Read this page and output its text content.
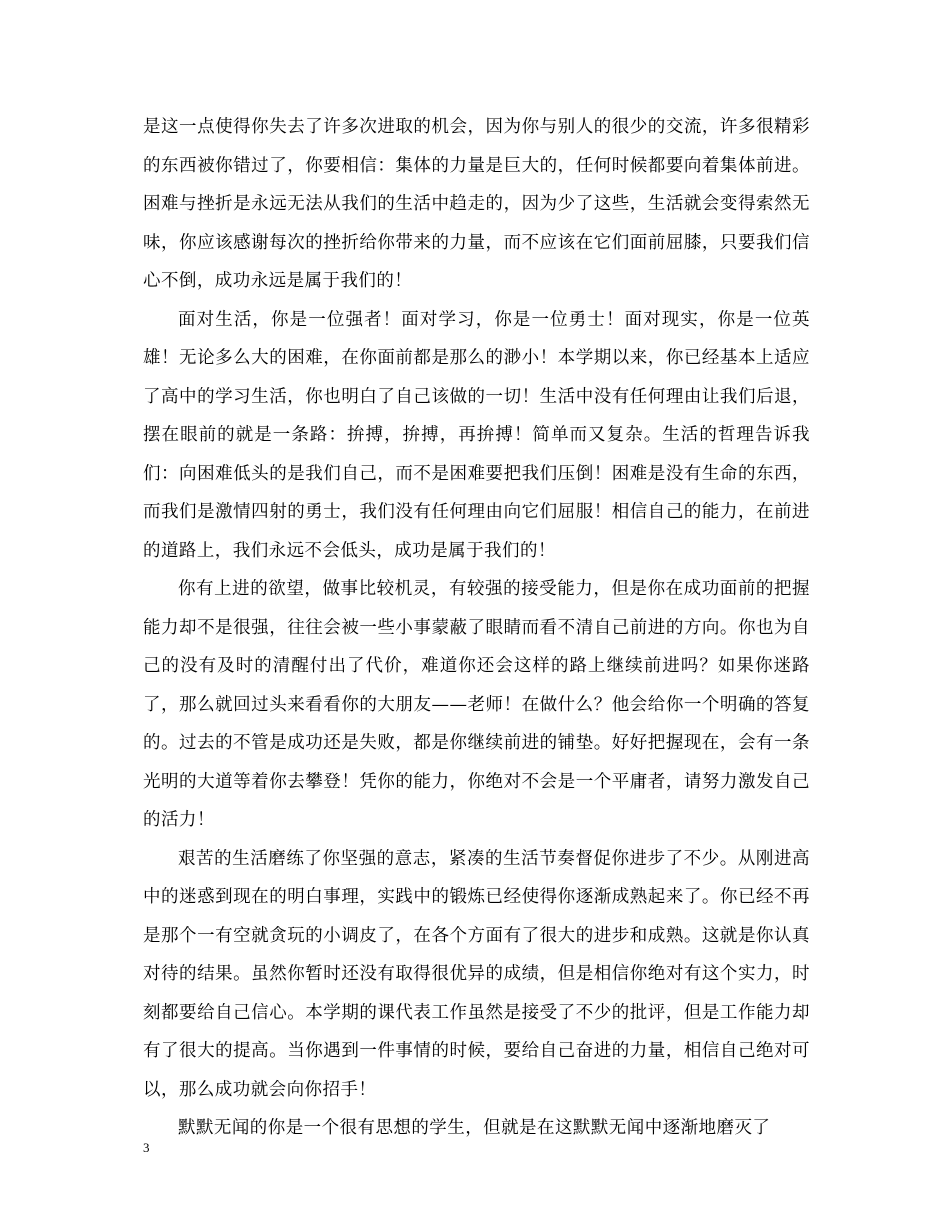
是这一点使得你失去了许多次进取的机会，因为你与别人的很少的交流，许多很精彩的东西被你错过了，你要相信：集体的力量是巨大的，任何时候都要向着集体前进。困难与挫折是永远无法从我们的生活中趋走的，因为少了这些，生活就会变得索然无味，你应该感谢每次的挫折给你带来的力量，而不应该在它们面前屈膝，只要我们信心不倒，成功永远是属于我们的！

面对生活，你是一位强者！面对学习，你是一位勇士！面对现实，你是一位英雄！无论多么大的困难，在你面前都是那么的渺小！本学期以来，你已经基本上适应了高中的学习生活，你也明白了自己该做的一切！生活中没有任何理由让我们后退，摆在眼前的就是一条路：拚搏，拚搏，再拚搏！简单而又复杂。生活的哲理告诉我们：向困难低头的是我们自己，而不是困难要把我们压倒！困难是没有生命的东西，而我们是激情四射的勇士，我们没有任何理由向它们屈服！相信自己的能力，在前进的道路上，我们永远不会低头，成功是属于我们的！

你有上进的欲望，做事比较机灵，有较强的接受能力，但是你在成功面前的把握能力却不是很强，往往会被一些小事蒙蔽了眼睛而看不清自己前进的方向。你也为自己的没有及时的清醒付出了代价，难道你还会这样的路上继续前进吗？如果你迷路了，那么就回过头来看看你的大朋友——老师！在做什么？他会给你一个明确的答复的。过去的不管是成功还是失败，都是你继续前进的铺垫。好好把握现在，会有一条光明的大道等着你去攀登！凭你的能力，你绝对不会是一个平庸者，请努力激发自己的活力！

艰苦的生活磨练了你坚强的意志，紧凑的生活节奏督促你进步了不少。从刚进高中的迷惑到现在的明白事理，实践中的锻炼已经使得你逐渐成熟起来了。你已经不再是那个一有空就贪玩的小调皮了，在各个方面有了很大的进步和成熟。这就是你认真对待的结果。虽然你暂时还没有取得很优异的成绩，但是相信你绝对有这个实力，时刻都要给自己信心。本学期的课代表工作虽然是接受了不少的批评，但是工作能力却有了很大的提高。当你遇到一件事情的时候，要给自己奋进的力量，相信自己绝对可以，那么成功就会向你招手！

默默无闻的你是一个很有思想的学生，但就是在这默默无闻中逐渐地磨灭了

3
